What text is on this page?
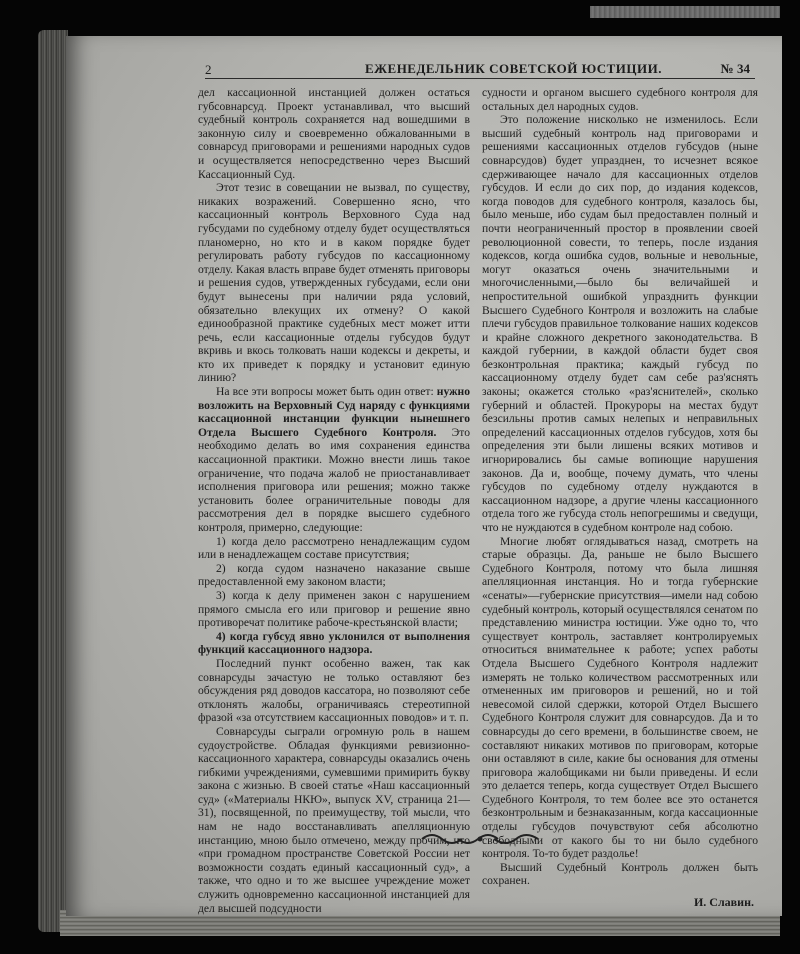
2	ЕЖЕНЕДЕЛЬНИК СОВЕТСКОЙ ЮСТИЦИИ.	№ 34

дел кассационной инстанцией должен остаться губсовнарсуд. Проект устанавливал, что высший судебный контроль сохраняется над вошедшими в законную силу и своевременно обжалованными в совнарсуд приговорами и решениями народных судов и осуществляется непосредственно через Высший Кассационный Суд.

Этот тезис в совещании не вызвал, по существу, никаких возражений. Совершенно ясно, что кассационный контроль Верховного Суда над губсудами по судебному отделу будет осуществляться планомерно, но кто и в каком порядке будет регулировать работу губсудов по кассационному отделу. Какая власть вправе будет отменять приговоры и решения судов, утвержденных губсудами, если они будут вынесены при наличии ряда условий, обязательно влекущих их отмену? О какой единообразной практике судебных мест может итти речь, если кассационные отделы губсудов будут вкривь и вкось толковать наши кодексы и декреты, и кто их приведет к порядку и установит единую линию?

На все эти вопросы может быть один ответ: нужно возложить на Верховный Суд наряду с функциями кассационной инстанции функции нынешнего Отдела Высшего Судебного Контроля. Это необходимо делать во имя сохранения единства кассационной практики. Можно внести лишь такое ограничение, что подача жалоб не приостанавливает исполнения приговора или решения; можно также установить более ограничительные поводы для рассмотрения дел в порядке высшего судебного контроля, примерно, следующие:

1) когда дело рассмотрено ненадлежащим судом или в ненадлежащем составе присутствия;

2) когда судом назначено наказание свыше предоставленной ему законом власти;

3) когда к делу применен закон с нарушением прямого смысла его или приговор и решение явно противоречат политике рабоче-крестьянской власти;

4) когда губсуд явно уклонился от выполнения функций кассационного надзора.

Последний пункт особенно важен, так как совнарсуды зачастую не только оставляют без обсуждения ряд доводов кассатора, но позволяют себе отклонять жалобы, ограничиваясь стереотипной фразой «за отсутствием кассационных поводов» и т. п.

Совнарсуды сыграли огромную роль в нашем судоустройстве. Обладая функциями ревизионно-кассационного характера, совнарсуды оказались очень гибкими учреждениями, сумевшими примирить букву закона с жизнью. В своей статье «Наш кассационный суд» («Материалы НКЮ», выпуск XV, страница 21—31), посвященной, по преимуществу, той мысли, что нам не надо восстанавливать апелляционную инстанцию, мною было отмечено, между прочим, что «при громадном пространстве Советской России нет возможности создать единый кассационный суд», а также, что одно и то же высшее учреждение может служить одновременно кассационной инстанцией для дел высшей подсудности

судности и органом высшего судебного контроля для остальных дел народных судов.

Это положение нисколько не изменилось. Если высший судебный контроль над приговорами и решениями кассационных отделов губсудов (ныне совнарсудов) будет упразднен, то исчезнет всякое сдерживающее начало для кассационных отделов губсудов. И если до сих пор, до издания кодексов, когда поводов для судебного контроля, казалось бы, было меньше, ибо судам был предоставлен полный и почти неограниченный простор в проявлении своей революционной совести, то теперь, после издания кодексов, когда ошибка судов, вольные и невольные, могут оказаться очень значительными и многочисленными,—было бы величайшей и непростительной ошибкой упразднить функции Высшего Судебного Контроля и возложить на слабые плечи губсудов правильное толкование наших кодексов и крайне сложного декретного законодательства. В каждой губернии, в каждой области будет своя безконтрольная практика; каждый губсуд по кассационному отделу будет сам себе раз'яснять законы; окажется столько «раз'яснителей», сколько губерний и областей. Прокуроры на местах будут безсильны против самых нелепых и неправильных определений кассационных отделов губсудов, хотя бы определения эти были лишены всяких мотивов и игнорировались бы самые вопиющие нарушения законов. Да и, вообще, почему думать, что члены губсудов по судебному отделу нуждаются в кассационном надзоре, а другие члены кассационного отдела того же губсуда столь непогрешимы и сведущи, что не нуждаются в судебном контроле над собою.

Многие любят оглядываться назад, смотреть на старые образцы. Да, раньше не было Высшего Судебного Контроля, потому что была лишняя апелляционная инстанция. Но и тогда губернские «сенаты»—губернские присутствия—имели над собою судебный контроль, который осуществлялся сенатом по представлению министра юстиции. Уже одно то, что существует контроль, заставляет контролируемых относиться внимательнее к работе; успех работы Отдела Высшего Судебного Контроля надлежит измерять не только количеством рассмотренных или отмененных им приговоров и решений, но и той невесомой силой сдержки, которой Отдел Высшего Судебного Контроля служит для совнарсудов. Да и то совнарсуды до сего времени, в большинстве своем, не составляют никаких мотивов по приговорам, которые они оставляют в силе, какие бы основания для отмены приговора жалобщиками ни были приведены. И если это делается теперь, когда существует Отдел Высшего Судебного Контроля, то тем более все это останется безконтрольным и безнаказанным, когда кассационные отделы губсудов почувствуют себя абсолютно свободными от какого бы то ни было судебного контроля. То-то будет раздолье!

Высший Судебный Контроль должен быть сохранен.

И. Славин.
